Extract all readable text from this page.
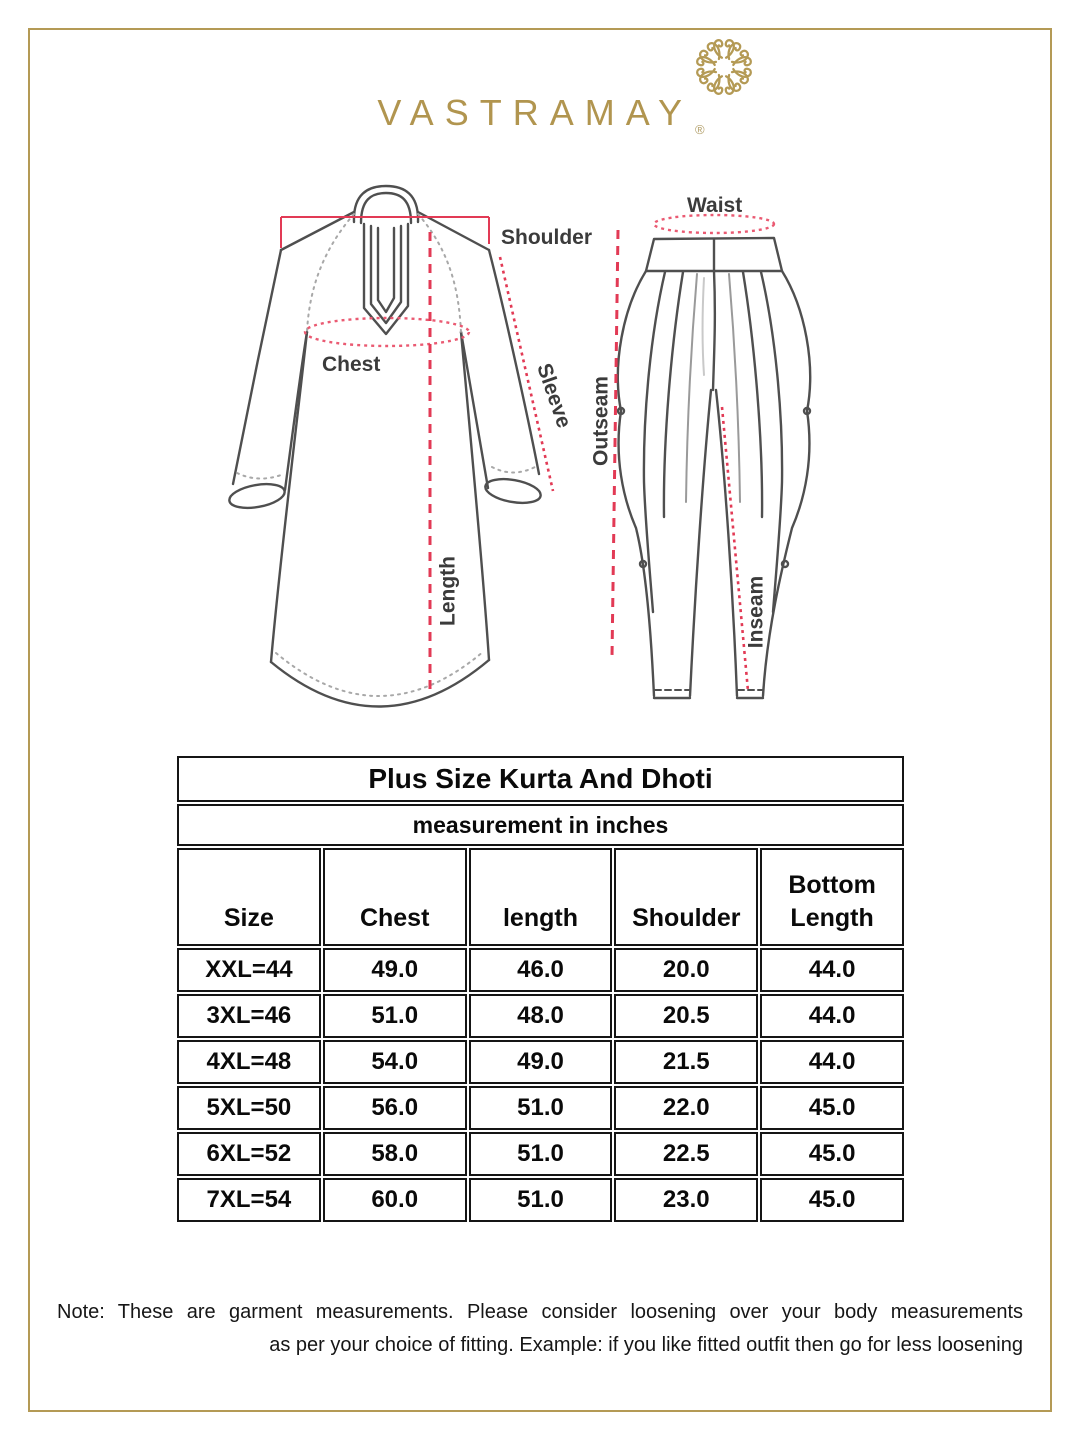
VASTRAMAY $_®$
Shoulder
Chest	Sleeve
Length
Waist
Outseam
Inseam
Plus Size Kurta And Dhoti				
measurement in inches				
Size	Chest	length	Shoulder	Bottom Length
XXL=44	49.0	46.0	20.0	44.0
3XL=46	51.0	48.0	20.5	44.0
4XL=48	54.0	49.0	21.5	44.0
5XL=50	56.0	51.0	22.0	45.0
6XL=52	58.0	51.0	22.5	45.0
7XL=54	60.0	51.0	23.0	45.0
Note: These are garment measurements. Please consider loosening over your body measurements
as per your choice of fitting. Example: if you like fitted outfit then go for less loosening
